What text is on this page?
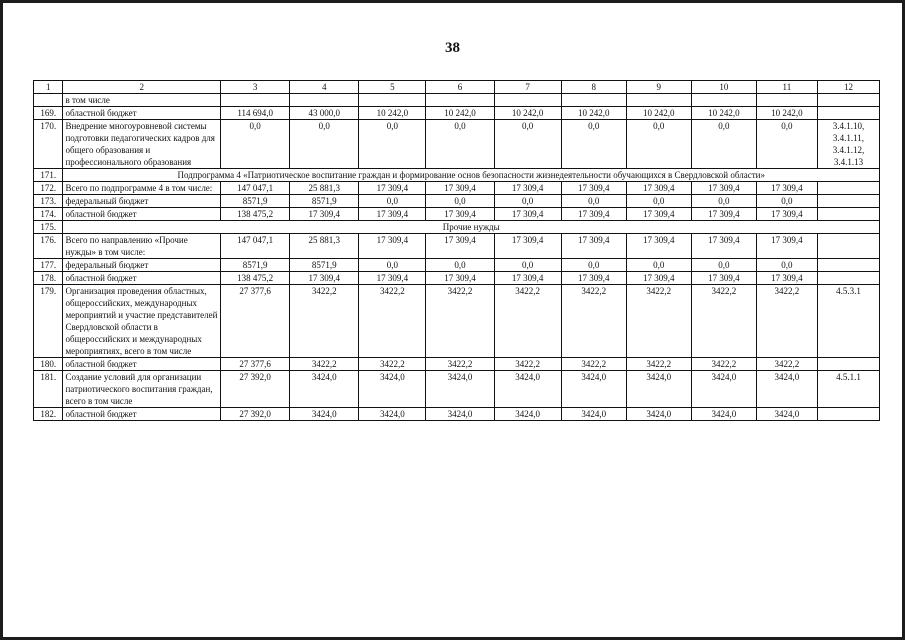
38
1	2	3	4	5	6	7	8	9	10	11	12
	в том числе										
169.	областной бюджет	114 694,0	43 000,0	10 242,0	10 242,0	10 242,0	10 242,0	10 242,0	10 242,0	10 242,0	
170.	Внедрение многоуровневой системы подготовки педагогических кадров для общего образования и профессионального образования	0,0	0,0	0,0	0,0	0,0	0,0	0,0	0,0	0,0	3.4.1.10, 3.4.1.11, 3.4.1.12, 3.4.1.13
171.	Подпрограмма 4 «Патриотическое воспитание граждан и формирование основ безопасности жизнедеятельности обучающихся в Свердловской области»										
172.	Всего по подпрограмме 4 в том числе:	147 047,1	25 881,3	17 309,4	17 309,4	17 309,4	17 309,4	17 309,4	17 309,4	17 309,4	
173.	федеральный бюджет	8571,9	8571,9	0,0	0,0	0,0	0,0	0,0	0,0	0,0	
174.	областной бюджет	138 475,2	17 309,4	17 309,4	17 309,4	17 309,4	17 309,4	17 309,4	17 309,4	17 309,4	
175.	Прочие нужды										
176.	Всего по направлению «Прочие нужды» в том числе:	147 047,1	25 881,3	17 309,4	17 309,4	17 309,4	17 309,4	17 309,4	17 309,4	17 309,4	
177.	федеральный бюджет	8571,9	8571,9	0,0	0,0	0,0	0,0	0,0	0,0	0,0	
178.	областной бюджет	138 475,2	17 309,4	17 309,4	17 309,4	17 309,4	17 309,4	17 309,4	17 309,4	17 309,4	
179.	Организация проведения областных, общероссийских, международных мероприятий и участие представителей Свердловской области в общероссийских и международных мероприятиях, всего в том числе	27 377,6	3422,2	3422,2	3422,2	3422,2	3422,2	3422,2	3422,2	3422,2	4.5.3.1
180.	областной бюджет	27 377,6	3422,2	3422,2	3422,2	3422,2	3422,2	3422,2	3422,2	3422,2	
181.	Создание условий для организации патриотического воспитания граждан, всего в том числе	27 392,0	3424,0	3424,0	3424,0	3424,0	3424,0	3424,0	3424,0	3424,0	4.5.1.1
182.	областной бюджет	27 392,0	3424,0	3424,0	3424,0	3424,0	3424,0	3424,0	3424,0	3424,0	
